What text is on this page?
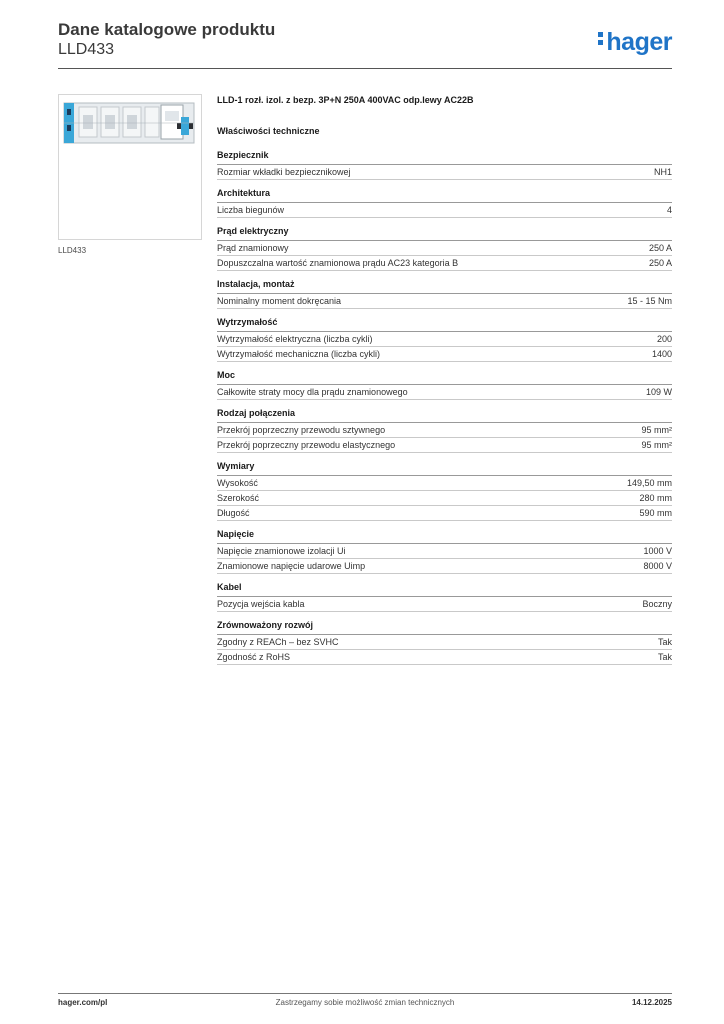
Dane katalogowe produktu
LLD433	hager
LLD433
LLD-1 rozł. izol. z bezp. 3P+N 250A 400VAC odp.lewy AC22B
Właściwości techniczne
Bezpiecznik
Rozmiar wkładki bezpiecznikowej	NH1
Architektura
Liczba biegunów	4
Prąd elektryczny
Prąd znamionowy	250 A
Dopuszczalna wartość znamionowa prądu AC23 kategoria B	250 A
Instalacja, montaż
Nominalny moment dokręcania	15 - 15 Nm
Wytrzymałość
Wytrzymałość elektryczna (liczba cykli)	200
Wytrzymałość mechaniczna (liczba cykli)	1400
Moc
Całkowite straty mocy dla prądu znamionowego	109 W
Rodzaj połączenia
Przekrój poprzeczny przewodu sztywnego	95 mm²
Przekrój poprzeczny przewodu elastycznego	95 mm²
Wymiary
Wysokość	149,50 mm
Szerokość	280 mm
Długość	590 mm
Napięcie
Napięcie znamionowe izolacji Ui	1000 V
Znamionowe napięcie udarowe Uimp	8000 V
Kabel
Pozycja wejścia kabla	Boczny
Zrównoważony rozwój
Zgodny z REACh – bez SVHC	Tak
Zgodność z RoHS	Tak
hager.com/pl	Zastrzegamy sobie możliwość zmian technicznych	14.12.2025
